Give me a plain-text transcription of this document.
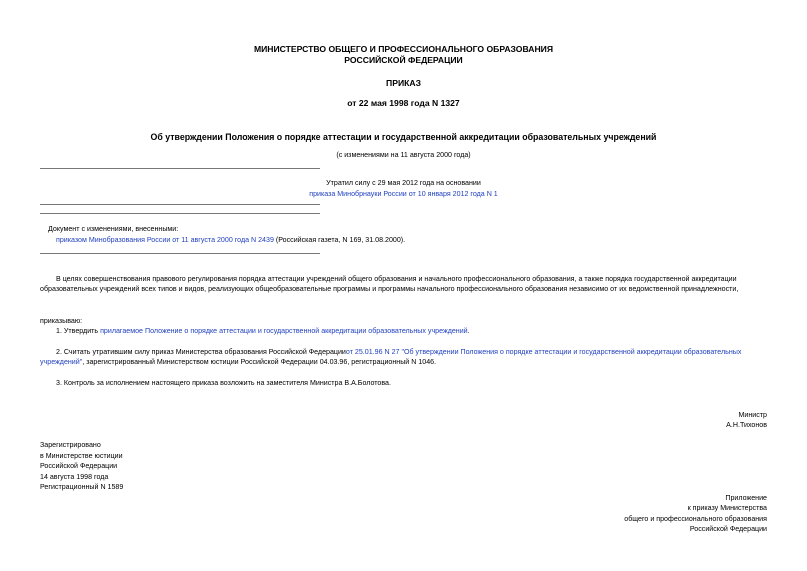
МИНИСТЕРСТВО ОБЩЕГО И ПРОФЕССИОНАЛЬНОГО ОБРАЗОВАНИЯ
РОССИЙСКОЙ ФЕДЕРАЦИИ
ПРИКАЗ
от 22 мая 1998 года N 1327
Об утверждении Положения о порядке аттестации и государственной аккредитации образовательных учреждений
(с изменениями на 11 августа 2000 года)
Утратил силу с 29 мая 2012 года на основании
приказа Минобрнауки России от 10 января 2012 года N 1
Документ с изменениями, внесенными:
приказом Минобразования России от 11 августа 2000 года N 2439 (Российская газета, N 169, 31.08.2000).
В целях совершенствования правового регулирования порядка аттестации учреждений общего образования и начального профессионального образования, а также порядка государственной аккредитации
образовательных учреждений всех типов и видов, реализующих общеобразовательные программы и программы начального профессионального образования независимо от их ведомственной принадлежности,
приказываю:
1. Утвердить прилагаемое Положение о порядке аттестации и государственной аккредитации образовательных учреждений.
2. Считать утратившим силу приказ Министерства образования Российской Федерацииот 25.01.96 N 27 "Об утверждении Положения о порядке аттестации и государственной аккредитации образовательных
учреждений", зарегистрированный Министерством юстиции Российской Федерации 04.03.96, регистрационный N 1046.
3. Контроль за исполнением настоящего приказа возложить на заместителя Министра В.А.Болотова.
Министр
А.Н.Тихонов
Зарегистрировано
в Министерстве юстиции
Российской Федерации
14 августа 1998 года
Регистрационный N 1589
Приложение
к приказу Министерства
общего и профессионального образования
Российской Федерации
